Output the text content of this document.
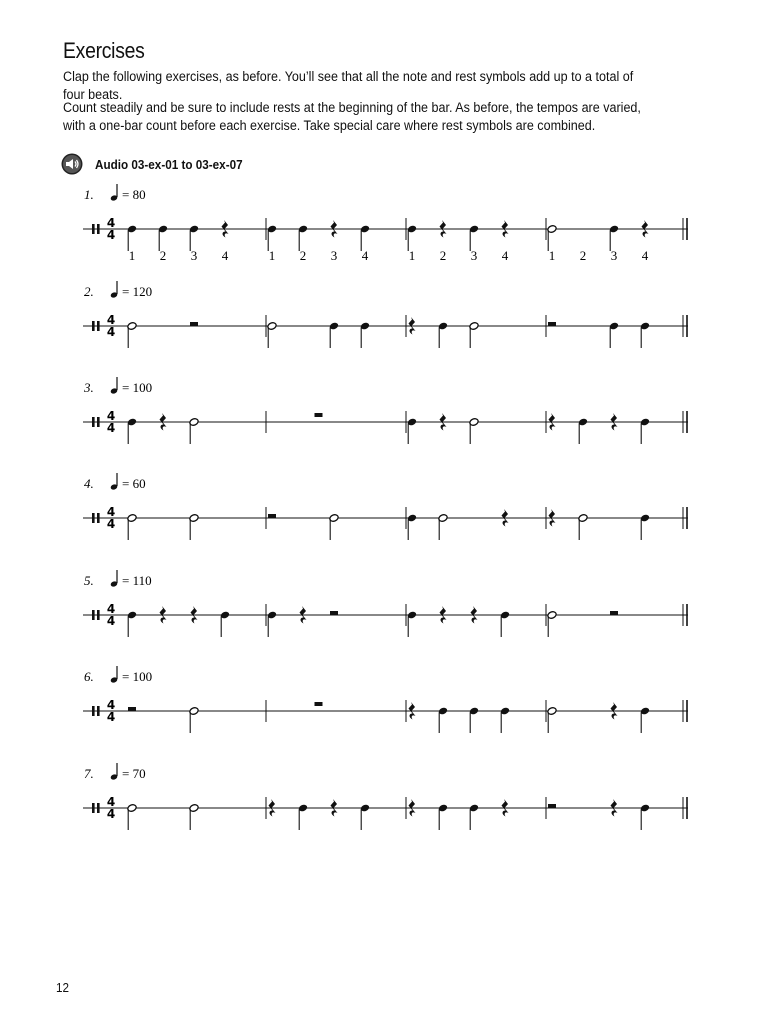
Exercises
Clap the following exercises, as before. You’ll see that all the note and rest symbols add up to a total of four beats.
Count steadily and be sure to include rests at the beginning of the bar. As before, the tempos are varied, with a one-bar count before each exercise. Take special care where rest symbols are combined.
Audio 03-ex-01 to 03-ex-07
1. = 80
4
4
1 2 3 4	1 2 3 4	1 2 3 4	1 2 3 4
2. = 120
4
4
3. = 100
4
4
4. = 60
4
4
5. = 110
4
4
6. = 100
4
4
7. = 70
4
4
12
